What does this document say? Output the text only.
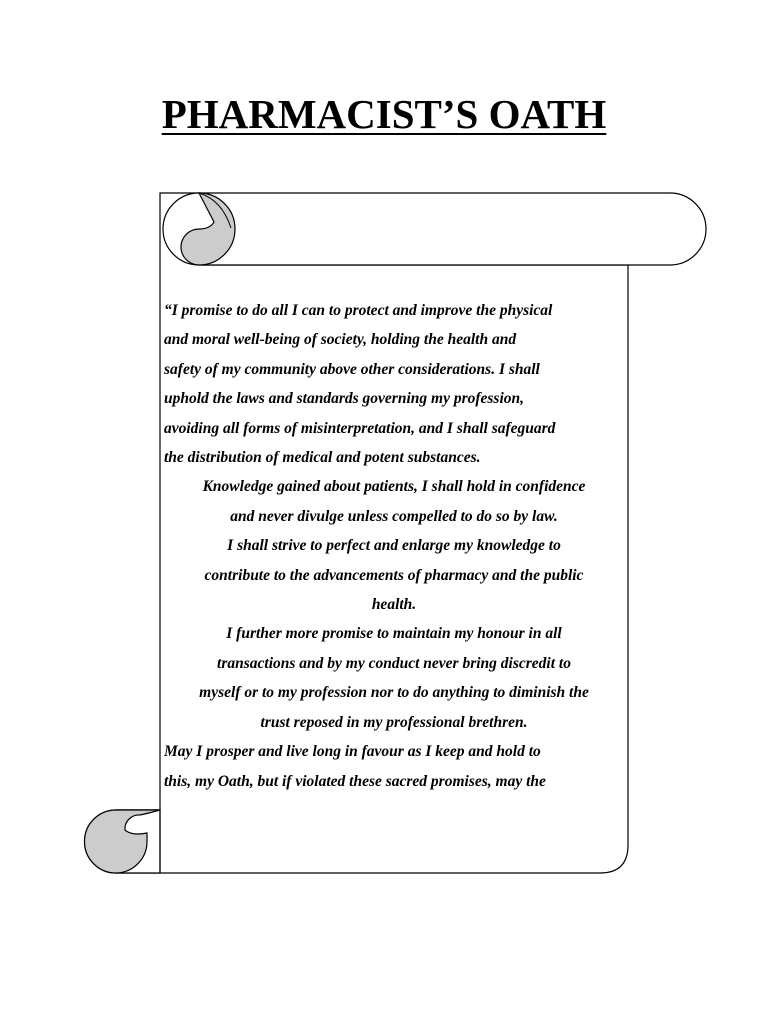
PHARMACIST’S OATH

“I promise to do all I can to protect and improve the physical

and moral well-being of society, holding the health and

safety of my community above other considerations. I shall

uphold the laws and standards governing my profession,

avoiding all forms of misinterpretation, and I shall safeguard

the distribution of medical and potent substances.

Knowledge gained about patients, I shall hold in confidence

and never divulge unless compelled to do so by law.

I shall strive to perfect and enlarge my knowledge to

contribute to the advancements of pharmacy and the public

health.

I further more promise to maintain my honour in all

transactions and by my conduct never bring discredit to

myself or to my profession nor to do anything to diminish the

trust reposed in my professional brethren.

May I prosper and live long in favour as I keep and hold to

this, my Oath, but if violated these sacred promises, may the
